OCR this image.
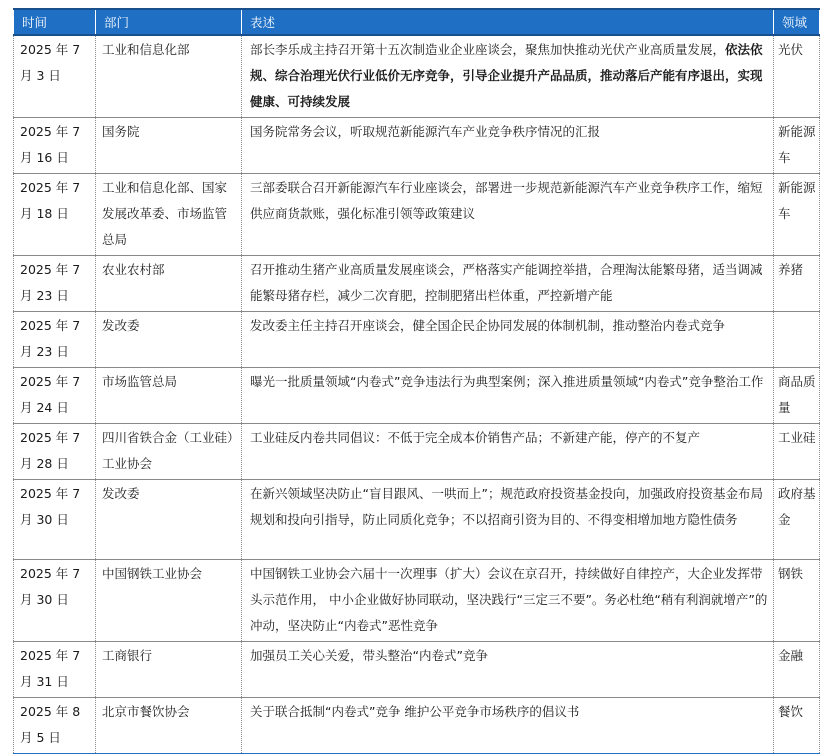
时间	部门	表述	领域
2025 年 7 月 3 日	工业和信息化部	部长李乐成主持召开第十五次制造业企业座谈会，聚焦加快推动光伏产业高质量发展，依法依规、综合治理光伏行业低价无序竞争，引导企业提升产品品质，推动落后产能有序退出，实现健康、可持续发展	光伏
2025 年 7 月 16 日	国务院	国务院常务会议，听取规范新能源汽车产业竞争秩序情况的汇报	新能源车
2025 年 7 月 18 日	工业和信息化部、国家发展改革委、市场监管总局	三部委联合召开新能源汽车行业座谈会，部署进一步规范新能源汽车产业竞争秩序工作，缩短供应商货款账，强化标准引领等政策建议	新能源车
2025 年 7 月 23 日	农业农村部	召开推动生猪产业高质量发展座谈会，严格落实产能调控举措，合理淘汰能繁母猪，适当调减能繁母猪存栏，减少二次育肥，控制肥猪出栏体重，严控新增产能	养猪
2025 年 7 月 23 日	发改委	发改委主任主持召开座谈会，健全国企民企协同发展的体制机制，推动整治内卷式竞争	
2025 年 7 月 24 日	市场监管总局	曝光一批质量领域“内卷式”竞争违法行为典型案例；深入推进质量领域“内卷式”竞争整治工作	商品质量
2025 年 7 月 28 日	四川省铁合金（工业硅）工业协会	工业硅反内卷共同倡议：不低于完全成本价销售产品；不新建产能，停产的不复产	工业硅
2025 年 7 月 30 日	发改委	在新兴领域坚决防止“盲目跟风、一哄而上”；规范政府投资基金投向，加强政府投资基金布局规划和投向引指导，防止同质化竞争；不以招商引资为目的、不得变相增加地方隐性债务	政府基金
2025 年 7 月 30 日	中国钢铁工业协会	中国钢铁工业协会六届十一次理事（扩大）会议在京召开，持续做好自律控产，大企业发挥带头示范作用， 中小企业做好协同联动，坚决践行“三定三不要”。务必杜绝“稍有利润就增产”的冲动，坚决防止“内卷式”恶性竞争	钢铁
2025 年 7 月 31 日	工商银行	加强员工关心关爱，带头整治“内卷式”竞争	金融
2025 年 8 月 5 日	北京市餐饮协会	关于联合抵制“内卷式”竞争 维护公平竞争市场秩序的倡议书	餐饮
